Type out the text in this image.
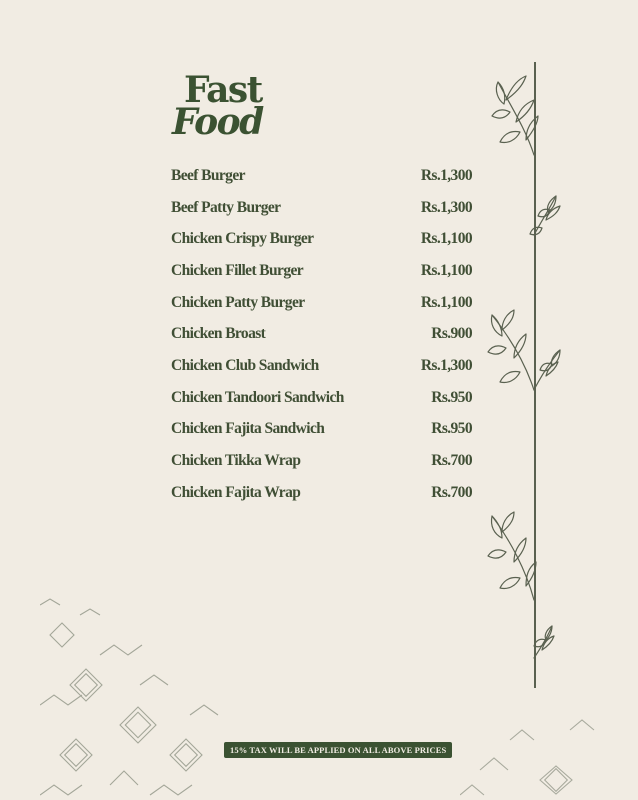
Fast
Food
Beef Burger	Rs.1,300
Beef Patty Burger	Rs.1,300
Chicken Crispy Burger	Rs.1,100
Chicken Fillet Burger	Rs.1,100
Chicken Patty Burger	Rs.1,100
Chicken Broast	Rs.900
Chicken Club Sandwich	Rs.1,300
Chicken Tandoori Sandwich	Rs.950
Chicken Fajita Sandwich	Rs.950
Chicken Tikka Wrap	Rs.700
Chicken Fajita Wrap	Rs.700
15% TAX WILL BE APPLIED ON ALL ABOVE PRICES
